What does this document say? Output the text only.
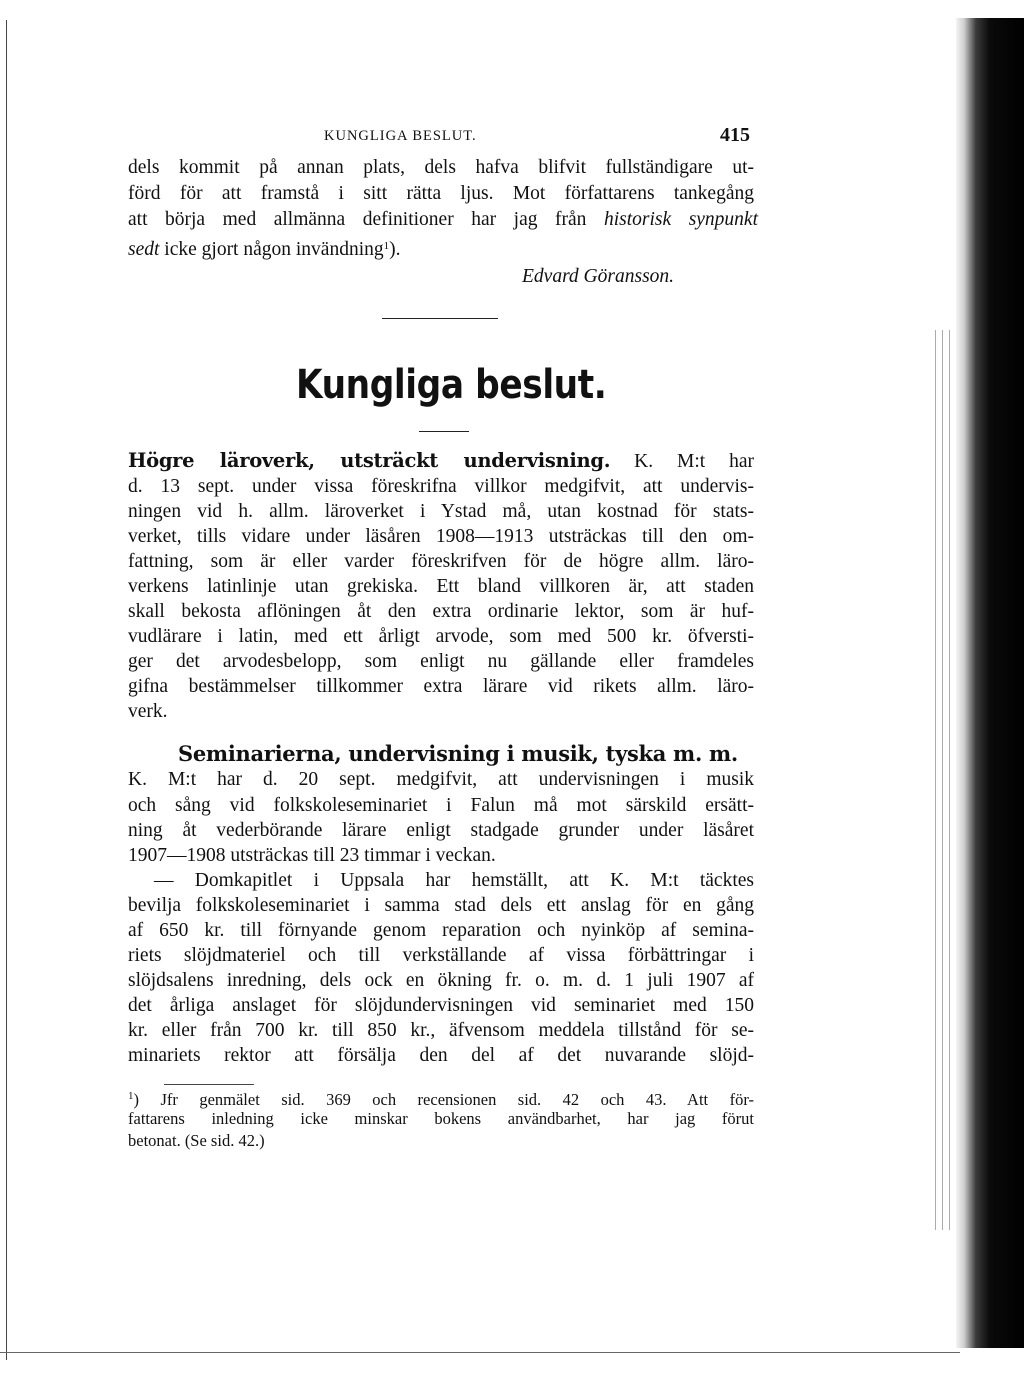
KUNGLIGA BESLUT.	415
dels kommit på annan plats, dels hafva blifvit fullständigare ut-
förd för att framstå i sitt rätta ljus. Mot författarens tankegång
att börja med allmänna definitioner har jag från historisk synpunkt
sedt icke gjort någon invändning$^1$).
Edvard Göransson.
Kungliga beslut.
Högre läroverk, utsträckt undervisning. K. M:t har
d. 13 sept. under vissa föreskrifna villkor medgifvit, att undervis-
ningen vid h. allm. läroverket i Ystad må, utan kostnad för stats-
verket, tills vidare under läsåren 1908—1913 utsträckas till den om-
fattning, som är eller varder föreskrifven för de högre allm. läro-
verkens latinlinje utan grekiska. Ett bland villkoren är, att staden
skall bekosta aflöningen åt den extra ordinarie lektor, som är huf-
vudlärare i latin, med ett årligt arvode, som med 500 kr. öfversti-
ger det arvodesbelopp, som enligt nu gällande eller framdeles
gifna bestämmelser tillkommer extra lärare vid rikets allm. läro-
verk.
Seminarierna, undervisning i musik, tyska m. m.
K. M:t har d. 20 sept. medgifvit, att undervisningen i musik
och sång vid folkskoleseminariet i Falun må mot särskild ersätt-
ning åt vederbörande lärare enligt stadgade grunder under läsåret
1907—1908 utsträckas till 23 timmar i veckan.
— Domkapitlet i Uppsala har hemställt, att K. M:t täcktes
bevilja folkskoleseminariet i samma stad dels ett anslag för en gång
af 650 kr. till förnyande genom reparation och nyinköp af semina-
riets slöjdmateriel och till verkställande af vissa förbättringar i
slöjdsalens inredning, dels ock en ökning fr. o. m. d. 1 juli 1907 af
det årliga anslaget för slöjdundervisningen vid seminariet med 150
kr. eller från 700 kr. till 850 kr., äfvensom meddela tillstånd för se-
minariets rektor att försälja den del af det nuvarande slöjd-
$^1$) Jfr genmälet sid. 369 och recensionen sid. 42 och 43. Att för-
fattarens inledning icke minskar bokens användbarhet, har jag förut
betonat. (Se sid. 42.)
